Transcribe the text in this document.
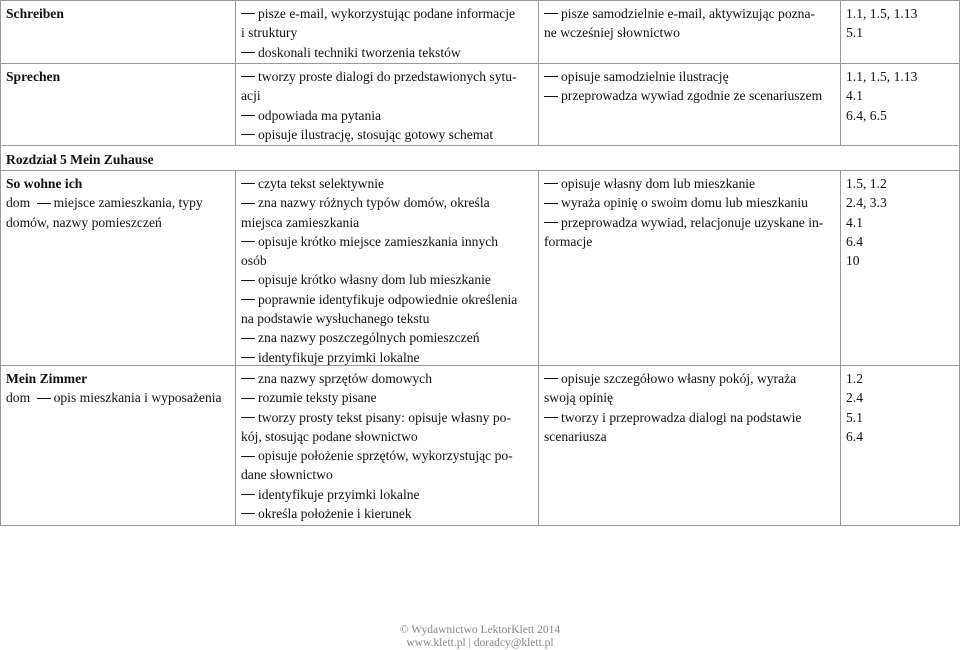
Rozdział 5 Mein Zuhause
Schreiben	pisze e-mail, wykorzystując podane informacje
i struktury
doskonali techniki tworzenia tekstów
pisze samodzielnie e-mail, aktywizując pozna-
ne wcześniej słownictwo
1.1, 1.5, 1.13
5.1
Sprechen	tworzy proste dialogi do przedstawionych sytu-
acji
odpowiada ma pytania
opisuje ilustrację, stosując gotowy schemat
opisuje samodzielnie ilustrację
przeprowadza wywiad zgodnie ze scenariuszem
1.1, 1.5, 1.13
4.1
6.4, 6.5
So wohne ich
dom miejsce zamieszkania, typy
domów, nazwy pomieszczeń
czyta tekst selektywnie
zna nazwy różnych typów domów, określa
miejsca zamieszkania
opisuje krótko miejsce zamieszkania innych
osób
opisuje krótko własny dom lub mieszkanie
poprawnie identyfikuje odpowiednie określenia
na podstawie wysłuchanego tekstu
zna nazwy poszczególnych pomieszczeń
identyfikuje przyimki lokalne
opisuje własny dom lub mieszkanie
wyraża opinię o swoim domu lub mieszkaniu
przeprowadza wywiad, relacjonuje uzyskane in-
formacje
1.5, 1.2
2.4, 3.3
4.1
6.4
10
Mein Zimmer
dom opis mieszkania i wyposażenia
zna nazwy sprzętów domowych
rozumie teksty pisane
tworzy prosty tekst pisany: opisuje własny po-
kój, stosując podane słownictwo
opisuje położenie sprzętów, wykorzystując po-
dane słownictwo
identyfikuje przyimki lokalne
określa położenie i kierunek
opisuje szczegółowo własny pokój, wyraża
swoją opinię
tworzy i przeprowadza dialogi na podstawie
scenariusza
1.2
2.4
5.1
6.4
© Wydawnictwo LektorKlett 2014
www.klett.pl | doradcy@klett.pl
